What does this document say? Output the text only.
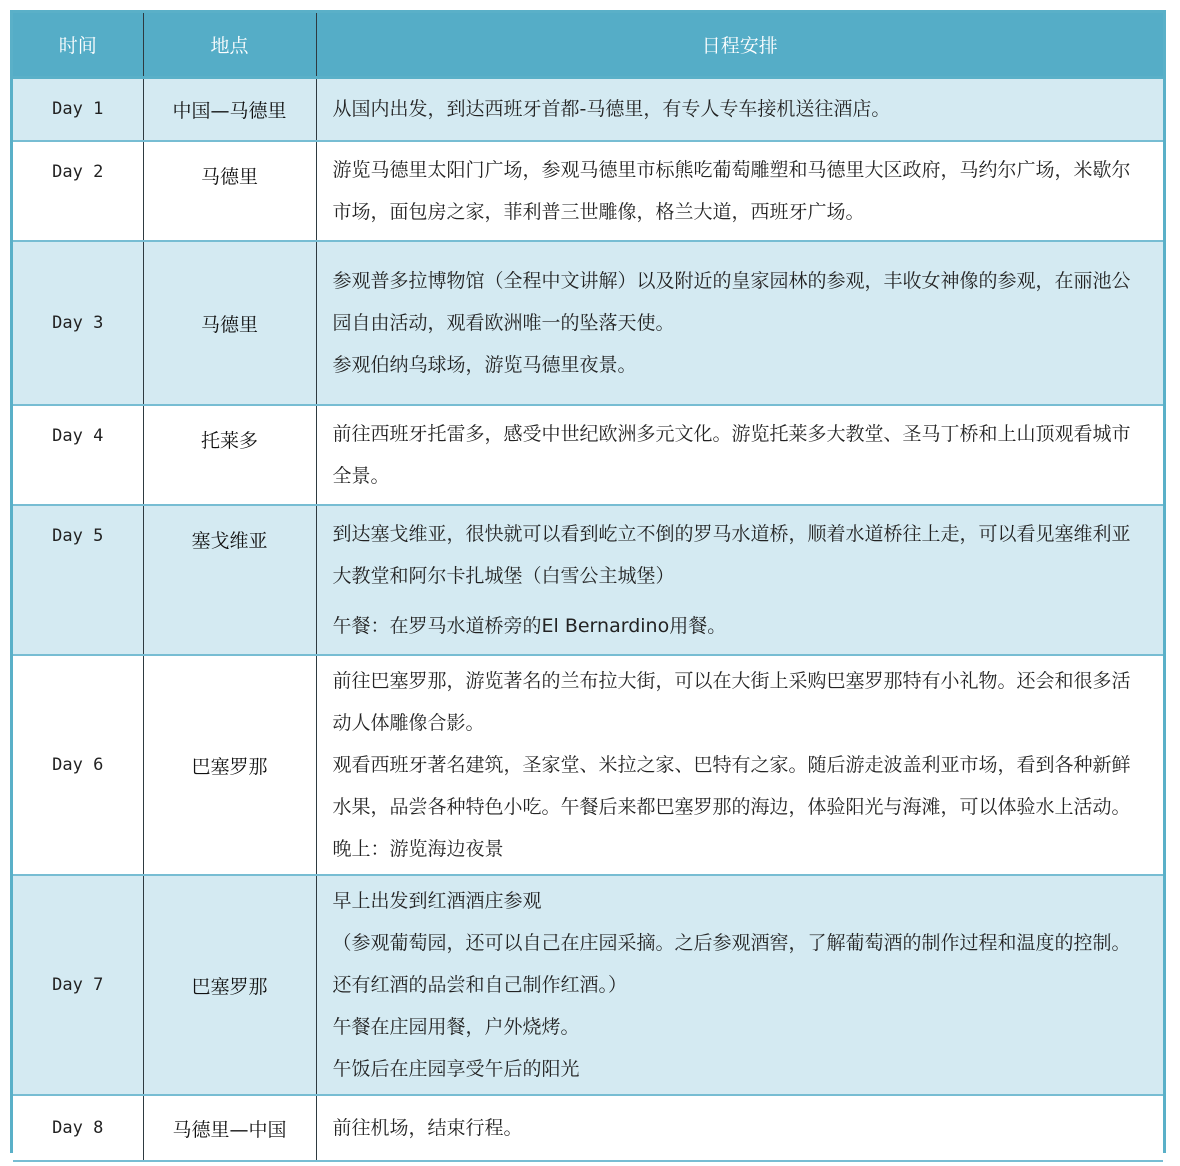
时间	地点	日程安排
Day 1	中国—马德里	从国内出发，到达西班牙首都-马德里，有专人专车接机送往酒店。

Day 2	马德里	游览马德里太阳门广场，参观马德里市标熊吃葡萄雕塑和马德里大区政府，马约尔广场，米歇尔市场，面包房之家，菲利普三世雕像，格兰大道，西班牙广场。

Day 3	马德里	参观普多拉博物馆（全程中文讲解）以及附近的皇家园林的参观，丰收女神像的参观，在丽池公园自由活动，观看欧洲唯一的坠落天使。
参观伯纳乌球场，游览马德里夜景。

Day 4	托莱多	前往西班牙托雷多，感受中世纪欧洲多元文化。游览托莱多大教堂、圣马丁桥和上山顶观看城市全景。

Day 5	塞戈维亚	到达塞戈维亚，很快就可以看到屹立不倒的罗马水道桥，顺着水道桥往上走，可以看见塞维利亚大教堂和阿尔卡扎城堡（白雪公主城堡）
午餐：在罗马水道桥旁的El Bernardino用餐。

Day 6	巴塞罗那	前往巴塞罗那，游览著名的兰布拉大街，可以在大街上采购巴塞罗那特有小礼物。还会和很多活动人体雕像合影。
观看西班牙著名建筑，圣家堂、米拉之家、巴特有之家。随后游走波盖利亚市场，看到各种新鲜水果，品尝各种特色小吃。午餐后来都巴塞罗那的海边，体验阳光与海滩，可以体验水上活动。晚上：游览海边夜景

Day 7	巴塞罗那	早上出发到红酒酒庄参观
（参观葡萄园，还可以自己在庄园采摘。之后参观酒窖，了解葡萄酒的制作过程和温度的控制。还有红酒的品尝和自己制作红酒。）
午餐在庄园用餐，户外烧烤。
午饭后在庄园享受午后的阳光

Day 8	马德里—中国	前往机场，结束行程。
